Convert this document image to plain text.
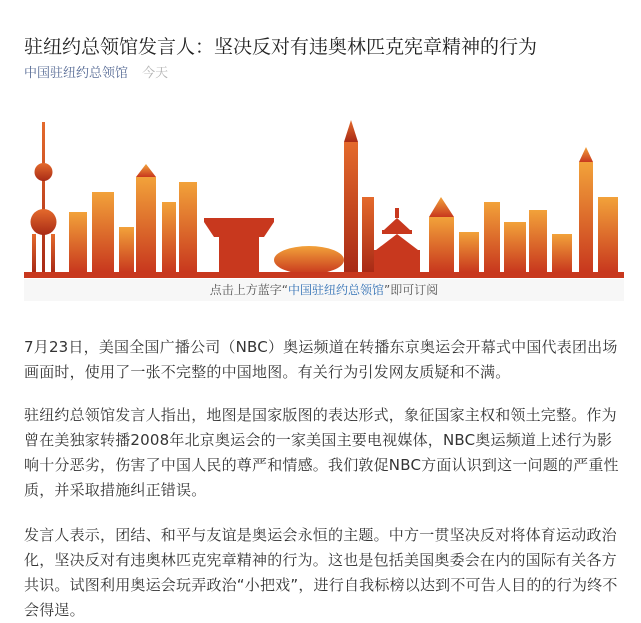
驻纽约总领馆发言人：坚决反对有违奥林匹克宪章精神的行为
中国驻纽约总领馆 今天
点击上方蓝字“中国驻纽约总领馆”即可订阅

7月23日，美国全国广播公司（NBC）奥运频道在转播东京奥运会开幕式中国代表团出场画面时，使用了一张不完整的中国地图。有关行为引发网友质疑和不满。

驻纽约总领馆发言人指出，地图是国家版图的表达形式，象征国家主权和领土完整。作为曾在美独家转播2008年北京奥运会的一家美国主要电视媒体，NBC奥运频道上述行为影响十分恶劣，伤害了中国人民的尊严和情感。我们敦促NBC方面认识到这一问题的严重性质，并采取措施纠正错误。

发言人表示，团结、和平与友谊是奥运会永恒的主题。中方一贯坚决反对将体育运动政治化，坚决反对有违奥林匹克宪章精神的行为。这也是包括美国奥委会在内的国际有关各方共识。试图利用奥运会玩弄政治“小把戏”，进行自我标榜以达到不可告人目的的行为终不会得逞。
